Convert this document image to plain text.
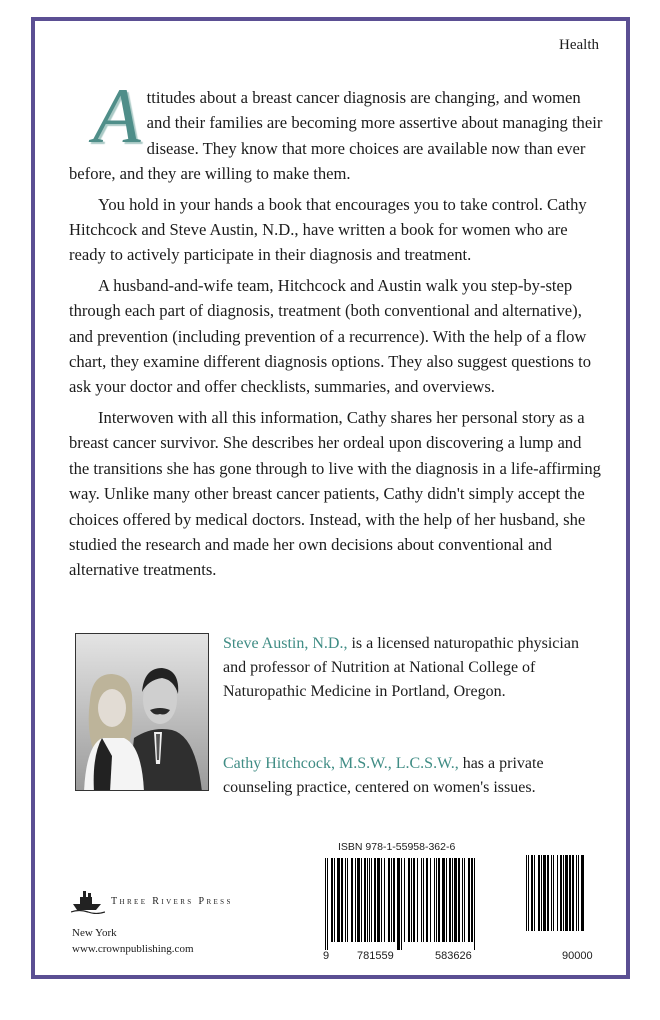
Health

Attitudes about a breast cancer diagnosis are changing, and women and their families are becoming more assertive about managing their disease. They know that more choices are available now than ever before, and they are willing to make them.

You hold in your hands a book that encourages you to take control. Cathy Hitchcock and Steve Austin, N.D., have written a book for women who are ready to actively participate in their diagnosis and treatment.

A husband-and-wife team, Hitchcock and Austin walk you step-by-step through each part of diagnosis, treatment (both conventional and alternative), and prevention (including prevention of a recurrence). With the help of a flow chart, they examine different diagnosis options. They also suggest questions to ask your doctor and offer checklists, summaries, and overviews.

Interwoven with all this information, Cathy shares her personal story as a breast cancer survivor. She describes her ordeal upon discovering a lump and the transitions she has gone through to live with the diagnosis in a life-affirming way. Unlike many other breast cancer patients, Cathy didn't simply accept the choices offered by medical doctors. Instead, with the help of her husband, she studied the research and made her own decisions about conventional and alternative treatments.

Steve Austin, N.D., is a licensed naturopathic physician and professor of Nutrition at National College of Naturopathic Medicine in Portland, Oregon.
Cathy Hitchcock, M.S.W., L.C.S.W., has a private counseling practice, centered on women's issues.
ISBN 978-1-55958-362-6
9	781559	583626	90000
Three Rivers Press
New York
www.crownpublishing.com
